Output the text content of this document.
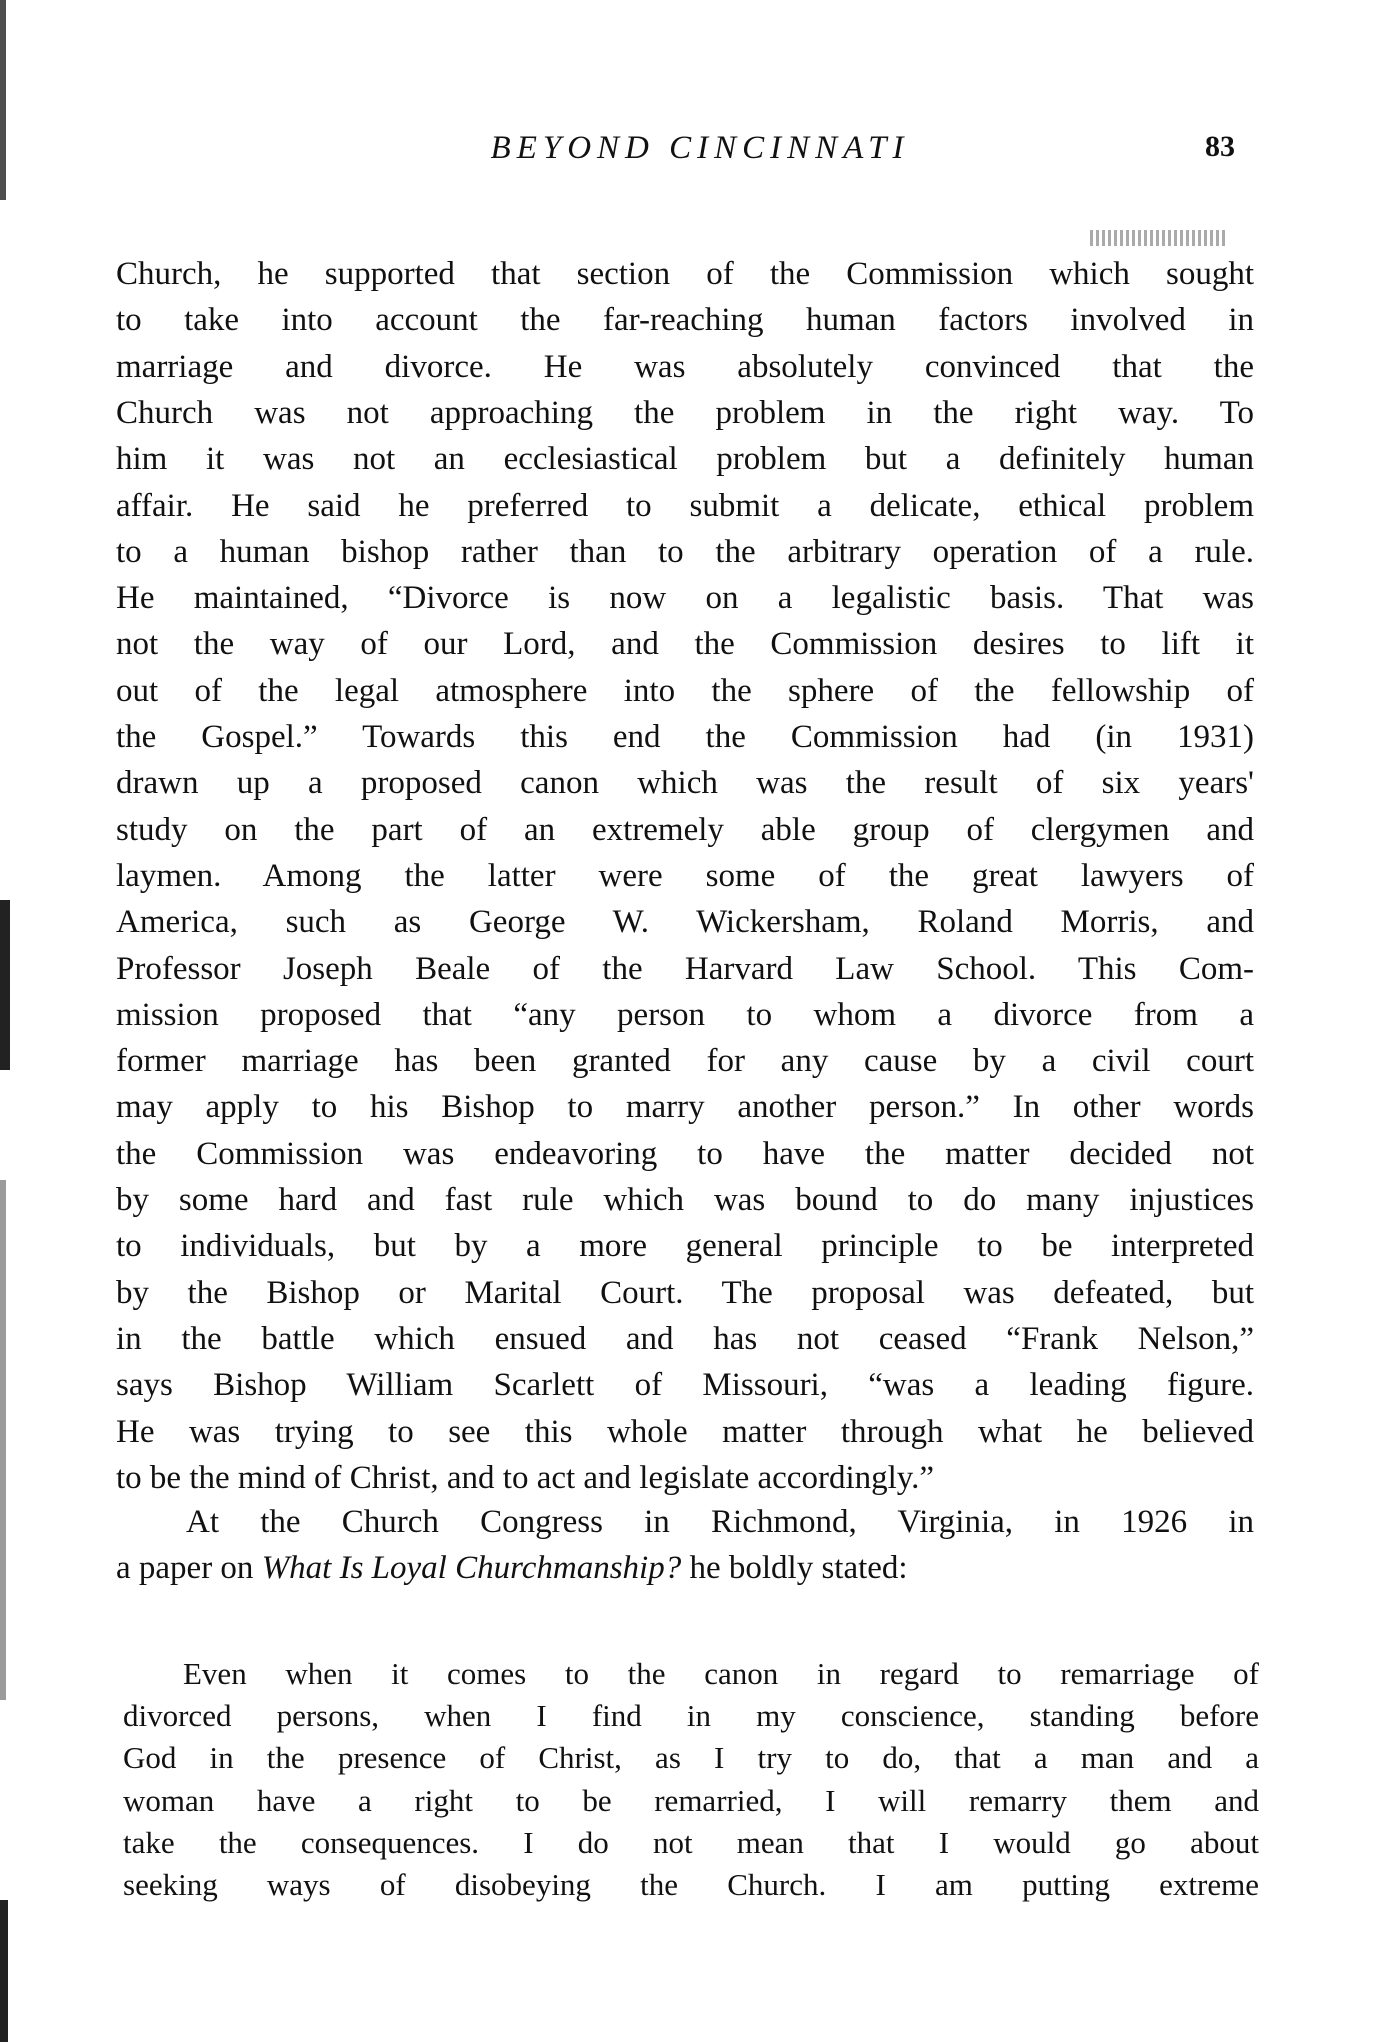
BEYOND CINCINNATI	83
Church, he supported that section of the Commission which sought
to take into account the far-reaching human factors involved in
marriage and divorce. He was absolutely convinced that the
Church was not approaching the problem in the right way. To
him it was not an ecclesiastical problem but a definitely human
affair. He said he preferred to submit a delicate, ethical problem
to a human bishop rather than to the arbitrary operation of a rule.
He maintained, “Divorce is now on a legalistic basis. That was
not the way of our Lord, and the Commission desires to lift it
out of the legal atmosphere into the sphere of the fellowship of
the Gospel.” Towards this end the Commission had (in 1931)
drawn up a proposed canon which was the result of six years'
study on the part of an extremely able group of clergymen and
laymen. Among the latter were some of the great lawyers of
America, such as George W. Wickersham, Roland Morris, and
Professor Joseph Beale of the Harvard Law School. This Com-
mission proposed that “any person to whom a divorce from a
former marriage has been granted for any cause by a civil court
may apply to his Bishop to marry another person.” In other words
the Commission was endeavoring to have the matter decided not
by some hard and fast rule which was bound to do many injustices
to individuals, but by a more general principle to be interpreted
by the Bishop or Marital Court. The proposal was defeated, but
in the battle which ensued and has not ceased “Frank Nelson,”
says Bishop William Scarlett of Missouri, “was a leading figure.
He was trying to see this whole matter through what he believed
to be the mind of Christ, and to act and legislate accordingly.”
At the Church Congress in Richmond, Virginia, in 1926 in
a paper on What Is Loyal Churchmanship? he boldly stated:
Even when it comes to the canon in regard to remarriage of
divorced persons, when I find in my conscience, standing before
God in the presence of Christ, as I try to do, that a man and a
woman have a right to be remarried, I will remarry them and
take the consequences. I do not mean that I would go about
seeking ways of disobeying the Church. I am putting extreme
